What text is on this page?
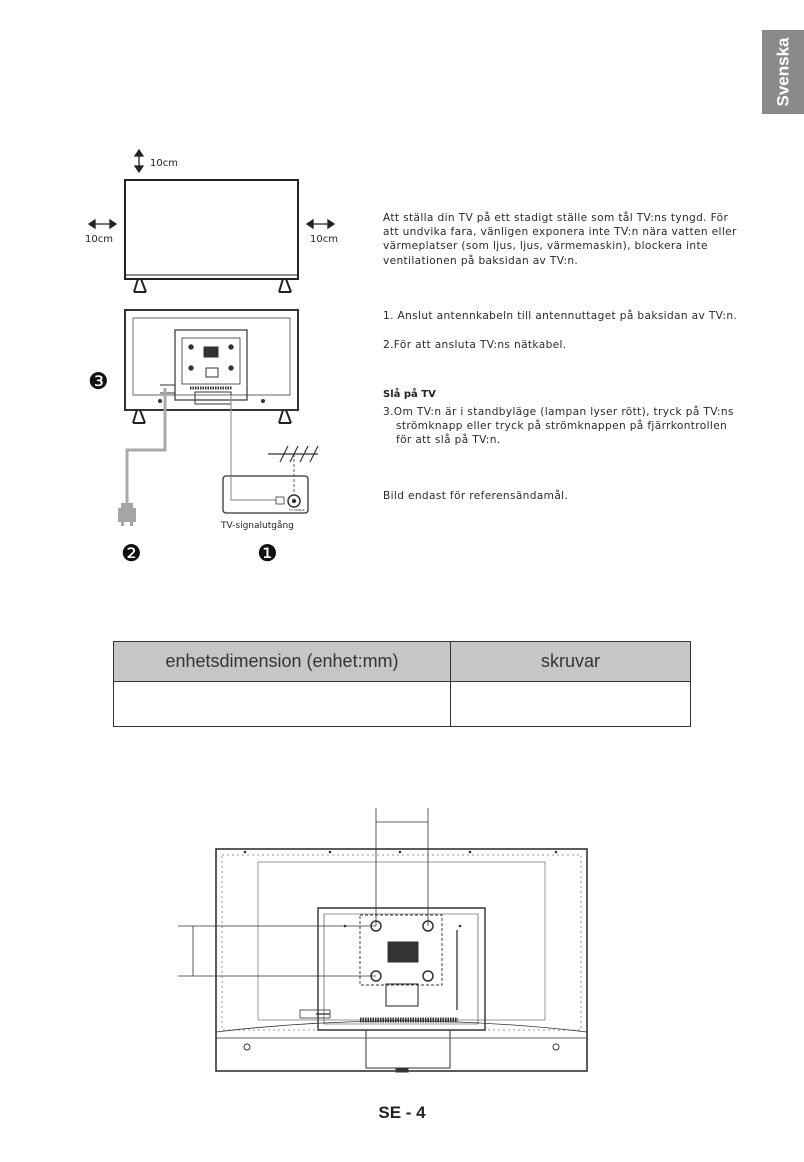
Svenska
10cm
10cm	10cm
TV SIGNAL
TV-signalutgång
❸
❷	❶

Att ställa din TV på ett stadigt ställe som tål TV:ns tyngd. För att undvika fara, vänligen exponera inte TV:n nära vatten eller värmeplatser (som ljus, ljus, värmemaskin), blockera inte ventilationen på baksidan av TV:n.

1. Anslut antennkabeln till antennuttaget på baksidan av TV:n.

2.För att ansluta TV:ns nätkabel.

Slå på TV

3.Om TV:n är i standbyläge (lampan lyser rött), tryck på TV:ns strömknapp eller tryck på strömknappen på fjärrkontrollen för att slå på TV:n.

Bild endast för referensändamål.

enhetsdimension (enhet:mm)	skruvar
SE - 4
